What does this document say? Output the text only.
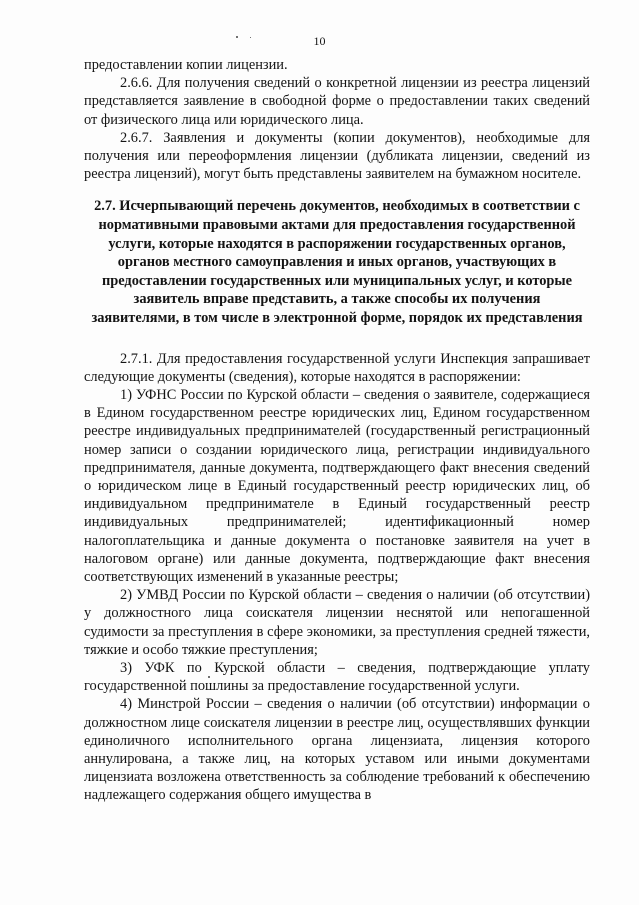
10

предоставлении копии лицензии.

2.6.6. Для получения сведений о конкретной лицензии из реестра лицензий представляется заявление в свободной форме о предоставлении таких сведений от физического лица или юридического лица.

2.6.7. Заявления и документы (копии документов), необходимые для получения или переоформления лицензии (дубликата лицензии, сведений из реестра лицензий), могут быть представлены заявителем на бумажном носителе.

2.7. Исчерпывающий перечень документов, необходимых в соответствии с нормативными правовыми актами для предоставления государственной услуги, которые находятся в распоряжении государственных органов, органов местного самоуправления и иных органов, участвующих в предоставлении государственных или муниципальных услуг, и которые заявитель вправе представить, а также способы их получения заявителями, в том числе в электронной форме, порядок их представления

2.7.1. Для предоставления государственной услуги Инспекция запрашивает следующие документы (сведения), которые находятся в распоряжении:

1) УФНС России по Курской области – сведения о заявителе, содержащиеся в Едином государственном реестре юридических лиц, Едином государственном реестре индивидуальных предпринимателей (государственный регистрационный номер записи о создании юридического лица, регистрации индивидуального предпринимателя, данные документа, подтверждающего факт внесения сведений о юридическом лице в Единый государственный реестр юридических лиц, об индивидуальном предпринимателе в Единый государственный реестр индивидуальных предпринимателей; идентификационный номер налогоплательщика и данные документа о постановке заявителя на учет в налоговом органе) или данные документа, подтверждающие факт внесения соответствующих изменений в указанные реестры;

2) УМВД России по Курской области – сведения о наличии (об отсутствии) у должностного лица соискателя лицензии неснятой или непогашенной судимости за преступления в сфере экономики, за преступления средней тяжести, тяжкие и особо тяжкие преступления;

3) УФК по Курской области – сведения, подтверждающие уплату государственной пошлины за предоставление государственной услуги.

4) Минстрой России – сведения о наличии (об отсутствии) информации о должностном лице соискателя лицензии в реестре лиц, осуществлявших функции единоличного исполнительного органа лицензиата, лицензия которого аннулирована, а также лиц, на которых уставом или иными документами лицензиата возложена ответственность за соблюдение требований к обеспечению надлежащего содержания общего имущества в
